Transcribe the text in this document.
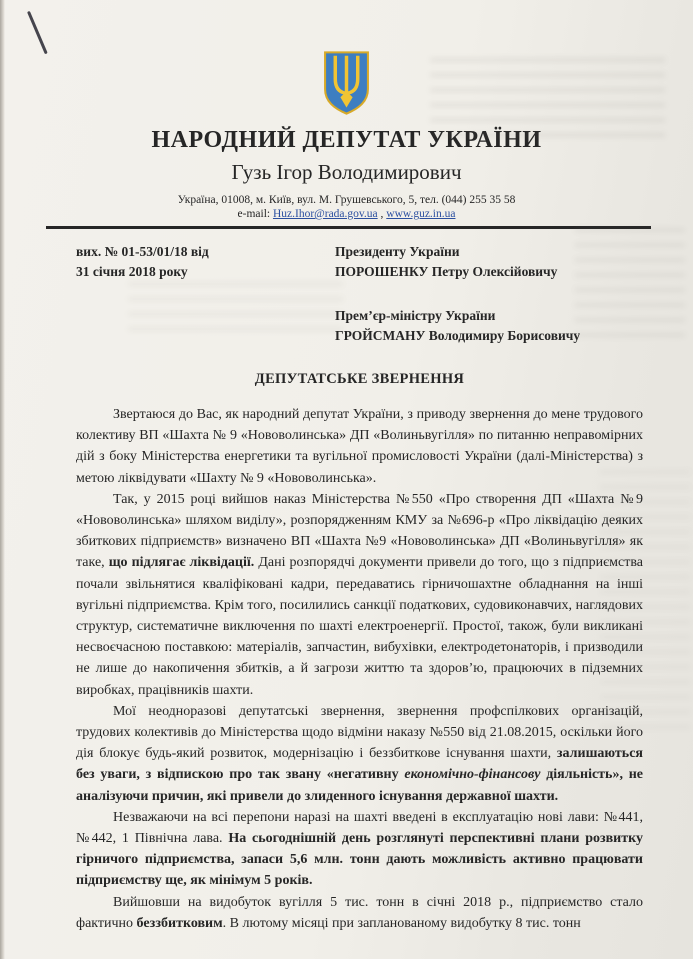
НАРОДНИЙ ДЕПУТАТ УКРАЇНИ
Гузь Ігор Володимирович
Україна, 01008, м. Київ, вул. М. Грушевського, 5, тел. (044) 255 35 58
e-mail: Huz.Ihor@rada.gov.ua , www.guz.in.ua
вих. № 01-53/01/18 від
31 січня 2018 року
Президенту України
ПОРОШЕНКУ Петру Олексійовичу
Прем’єр-міністру України
ГРОЙСМАНУ Володимиру Борисовичу
ДЕПУТАТСЬКЕ ЗВЕРНЕННЯ

Звертаюся до Вас, як народний депутат України, з приводу звернення до мене трудового колективу ВП «Шахта № 9 «Нововолинська» ДП «Волиньвугілля» по питанню неправомірних дій з боку Міністерства енергетики та вугільної промисловості України (далі-Міністерства) з метою ліквідувати «Шахту № 9 «Нововолинська».

Так, у 2015 році вийшов наказ Міністерства №550 «Про створення ДП «Шахта №9 «Нововолинська» шляхом виділу», розпорядженням КМУ за №696-р «Про ліквідацію деяких збиткових підприємств» визначено ВП «Шахта №9 «Нововолинська» ДП «Волиньвугілля» як таке, що підлягає ліквідації. Дані розпорядчі документи привели до того, що з підприємства почали звільнятися кваліфіковані кадри, передаватись гірничошахтне обладнання на інші вугільні підприємства. Крім того, посилились санкції податкових, судовиконавчих, наглядових структур, систематичне виключення по шахті електроенергії. Простої, також, були викликані несвоєчасною поставкою: матеріалів, запчастин, вибухівки, електродетонаторів, і призводили не лише до накопичення збитків, а й загрози життю та здоров’ю, працюючих в підземних виробках, працівників шахти.

Мої неодноразові депутатські звернення, звернення профспілкових організацій, трудових колективів до Міністерства щодо відміни наказу №550 від 21.08.2015, оскільки його дія блокує будь-який розвиток, модернізацію і беззбиткове існування шахти, залишаються без уваги, з відпискою про так звану «негативну економічно-фінансову діяльність», не аналізуючи причин, які привели до злиденного існування державної шахти.

Незважаючи на всі перепони наразі на шахті введені в експлуатацію нові лави: №441, №442, 1 Північна лава. На сьогоднішній день розглянуті перспективні плани розвитку гірничого підприємства, запаси 5,6 млн. тонн дають можливість активно працювати підприємству ще, як мінімум 5 років.

Вийшовши на видобуток вугілля 5 тис. тонн в січні 2018 р., підприємство стало фактично беззбитковим. В лютому місяці при запланованому видобутку 8 тис. тонн
